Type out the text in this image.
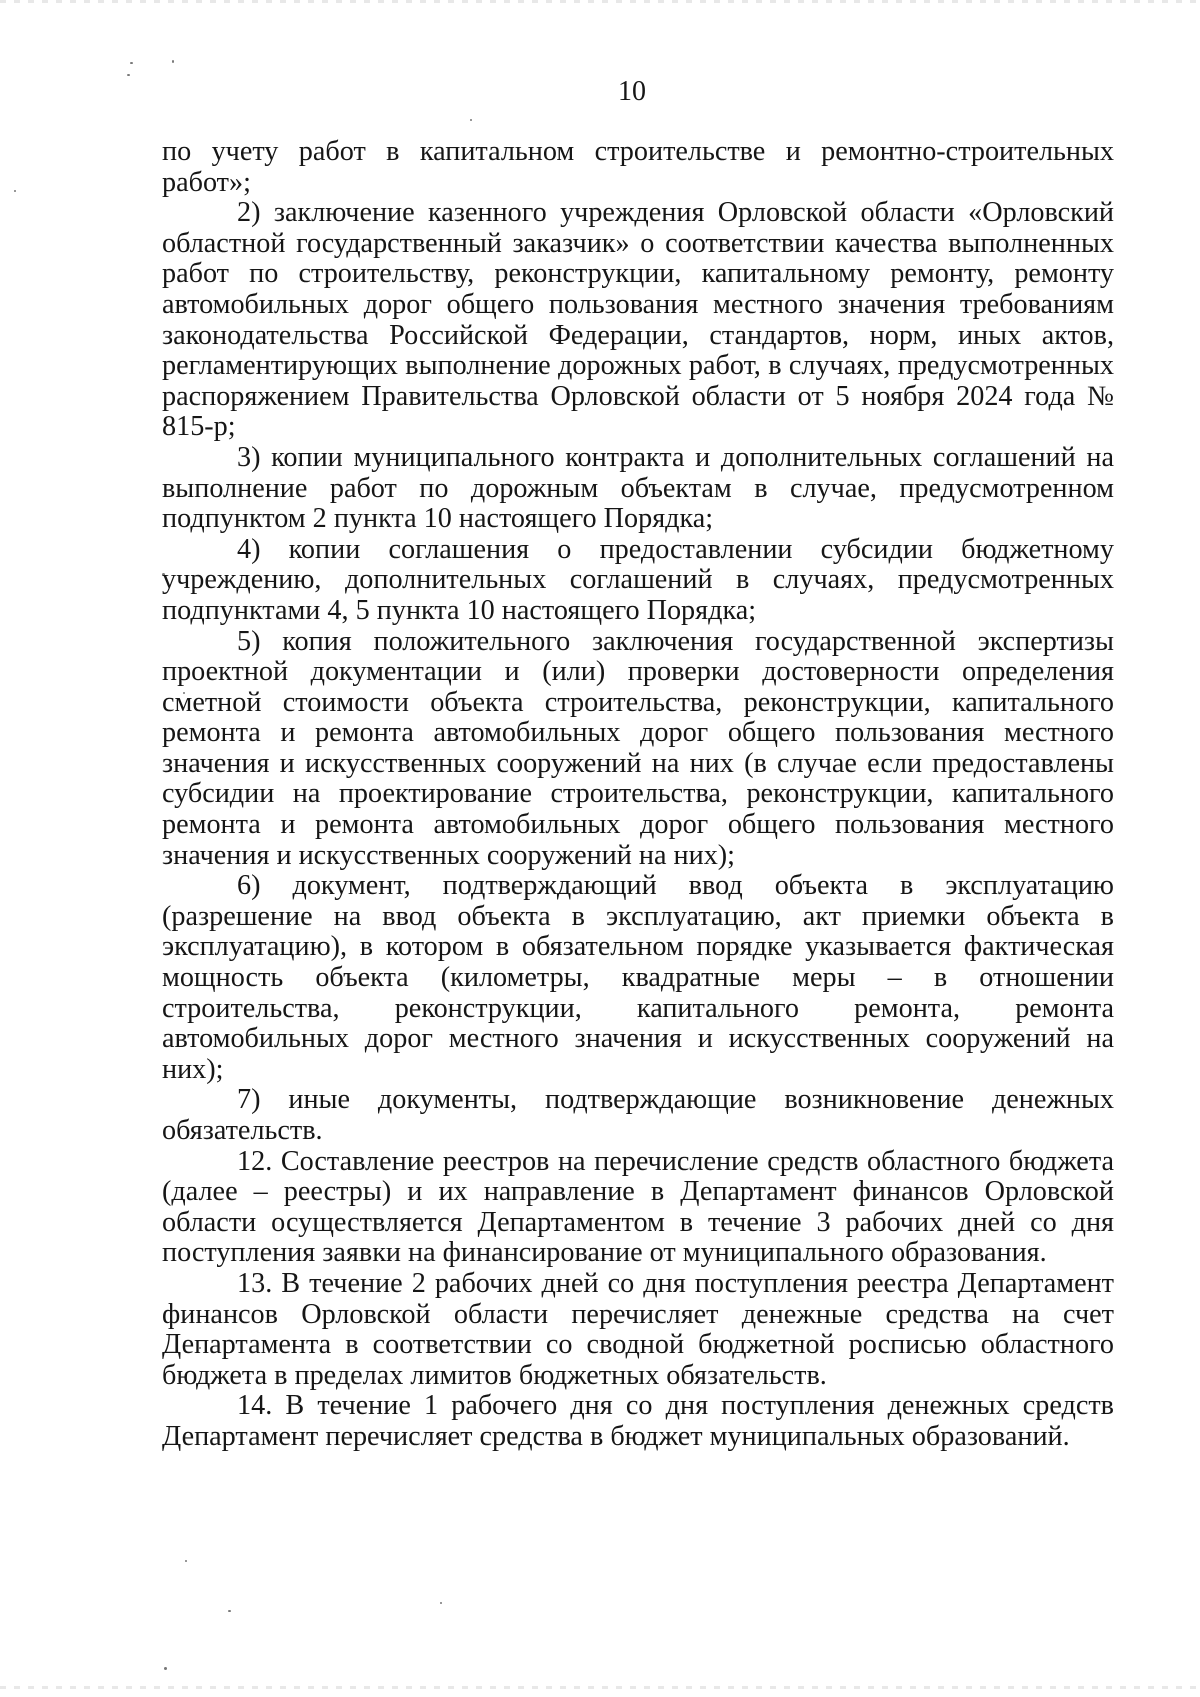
10

по учету работ в капитальном строительстве и ремонтно-строительных работ»;

2) заключение казенного учреждения Орловской области «Орловский областной государственный заказчик» о соответствии качества выполненных работ по строительству, реконструкции, капитальному ремонту, ремонту автомобильных дорог общего пользования местного значения требованиям законодательства Российской Федерации, стандартов, норм, иных актов, регламентирующих выполнение дорожных работ, в случаях, предусмотренных распоряжением Правительства Орловской области от 5 ноября 2024 года № 815-р;

3) копии муниципального контракта и дополнительных соглашений на выполнение работ по дорожным объектам в случае, предусмотренном подпунктом 2 пункта 10 настоящего Порядка;

4) копии соглашения о предоставлении субсидии бюджетному учреждению, дополнительных соглашений в случаях, предусмотренных подпунктами 4, 5 пункта 10 настоящего Порядка;

5) копия положительного заключения государственной экспертизы проектной документации и (или) проверки достоверности определения сметной стоимости объекта строительства, реконструкции, капитального ремонта и ремонта автомобильных дорог общего пользования местного значения и искусственных сооружений на них (в случае если предоставлены субсидии на проектирование строительства, реконструкции, капитального ремонта и ремонта автомобильных дорог общего пользования местного значения и искусственных сооружений на них);

6) документ, подтверждающий ввод объекта в эксплуатацию (разрешение на ввод объекта в эксплуатацию, акт приемки объекта в эксплуатацию), в котором в обязательном порядке указывается фактическая мощность объекта (километры, квадратные меры – в отношении строительства, реконструкции, капитального ремонта, ремонта автомобильных дорог местного значения и искусственных сооружений на них);

7) иные документы, подтверждающие возникновение денежных обязательств.

12. Составление реестров на перечисление средств областного бюджета (далее – реестры) и их направление в Департамент финансов Орловской области осуществляется Департаментом в течение 3 рабочих дней со дня поступления заявки на финансирование от муниципального образования.

13. В течение 2 рабочих дней со дня поступления реестра Департамент финансов Орловской области перечисляет денежные средства на счет Департамента в соответствии со сводной бюджетной росписью областного бюджета в пределах лимитов бюджетных обязательств.

14. В течение 1 рабочего дня со дня поступления денежных средств Департамент перечисляет средства в бюджет муниципальных образований.
